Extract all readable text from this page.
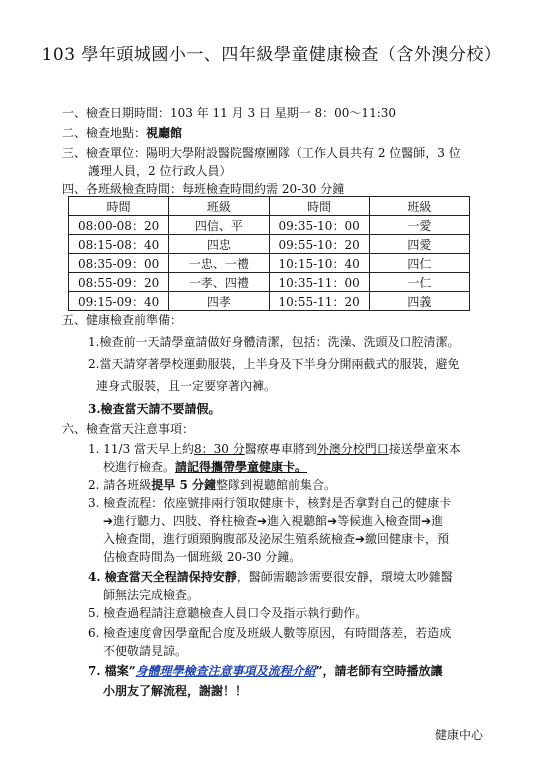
103 學年頭城國小一、四年級學童健康檢查（含外澳分校）
一、檢查日期時間：103 年 11 月 3 日 星期一 8：00～11:30
二、檢查地點：視廳館
三、檢查單位：陽明大學附設醫院醫療團隊（工作人員共有 2 位醫師，3 位
護理人員，2 位行政人員）
四、各班級檢查時間：每班檢查時間約需 20-30 分鐘
時間	班級	時間	班級
08:00-08：20	四信、平	09:35-10：00	一愛
08:15-08：40	四忠	09:55-10：20	四愛
08:35-09：00	一忠、一禮	10:15-10：40	四仁
08:55-09：20	一孝、四禮	10:35-11：00	一仁
09:15-09：40	四孝	10:55-11：20	四義
五、健康檢查前準備：
1.檢查前一天請學童請做好身體清潔，包括：洗澡、洗頭及口腔清潔。
2.當天請穿著學校運動服裝，上半身及下半身分開兩截式的服裝，避免
連身式服裝，且一定要穿著內褲。
3.檢查當天請不要請假。
六、檢查當天注意事項：
1. 11/3 當天早上約8：30 分醫療專車將到外澳分校門口接送學童來本
校進行檢查。請記得攜帶學童健康卡。
2. 請各班級提早 5 分鐘整隊到視聽館前集合。
3. 檢查流程：依座號排兩行領取健康卡，核對是否拿對自己的健康卡
➔進行聽力、四肢、脊柱檢查➔進入視聽館➔等候進入檢查間➔進
入檢查間，進行頭頸胸腹部及泌尿生殖系統檢查➔繳回健康卡，預
估檢查時間為一個班級 20-30 分鐘。
4. 檢查當天全程請保持安靜，醫師需聽診需要很安靜，環境太吵雜醫
師無法完成檢查。
5. 檢查過程請注意聽檢查人員口令及指示執行動作。
6. 檢查速度會因學童配合度及班級人數等原因，有時間落差，若造成
不便敬請見諒。
7. 檔案”身體理學檢查注意事項及流程介紹”，請老師有空時播放讓
小朋友了解流程，謝謝！！
健康中心
